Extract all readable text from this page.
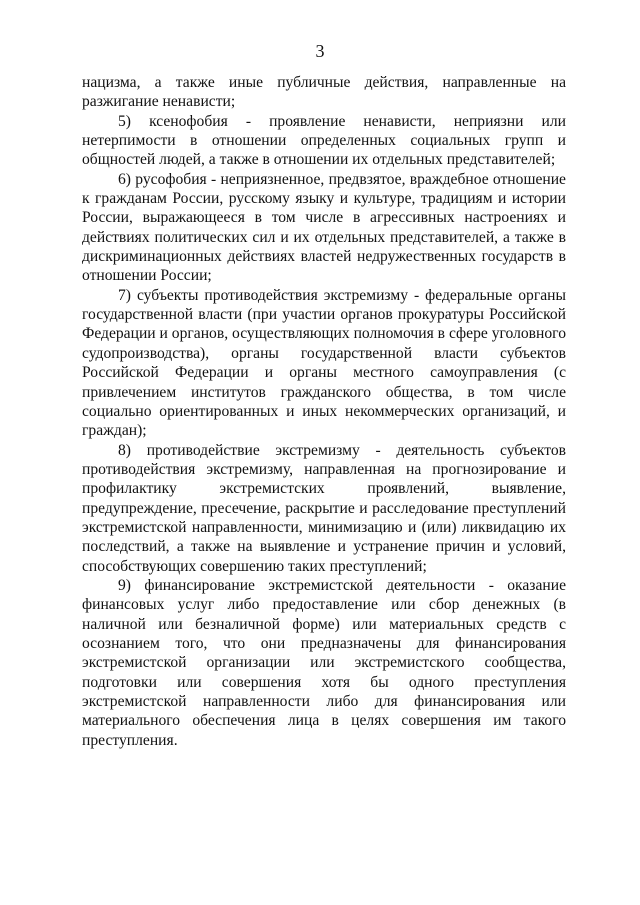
3

нацизма, а также иные публичные действия, направленные на разжигание ненависти;

5) ксенофобия - проявление ненависти, неприязни или нетерпимости в отношении определенных социальных групп и общностей людей, а также в отношении их отдельных представителей;

6) русофобия - неприязненное, предвзятое, враждебное отношение к гражданам России, русскому языку и культуре, традициям и истории России, выражающееся в том числе в агрессивных настроениях и действиях политических сил и их отдельных представителей, а также в дискриминационных действиях властей недружественных государств в отношении России;

7) субъекты противодействия экстремизму - федеральные органы государственной власти (при участии органов прокуратуры Российской Федерации и органов, осуществляющих полномочия в сфере уголовного судопроизводства), органы государственной власти субъектов Российской Федерации и органы местного самоуправления (с привлечением институтов гражданского общества, в том числе социально ориентированных и иных некоммерческих организаций, и граждан);

8) противодействие экстремизму - деятельность субъектов противодействия экстремизму, направленная на прогнозирование и профилактику экстремистских проявлений, выявление, предупреждение, пресечение, раскрытие и расследование преступлений экстремистской направленности, минимизацию и (или) ликвидацию их последствий, а также на выявление и устранение причин и условий, способствующих совершению таких преступлений;

9) финансирование экстремистской деятельности - оказание финансовых услуг либо предоставление или сбор денежных (в наличной или безналичной форме) или материальных средств с осознанием того, что они предназначены для финансирования экстремистской организации или экстремистского сообщества, подготовки или совершения хотя бы одного преступления экстремистской направленности либо для финансирования или материального обеспечения лица в целях совершения им такого преступления.
